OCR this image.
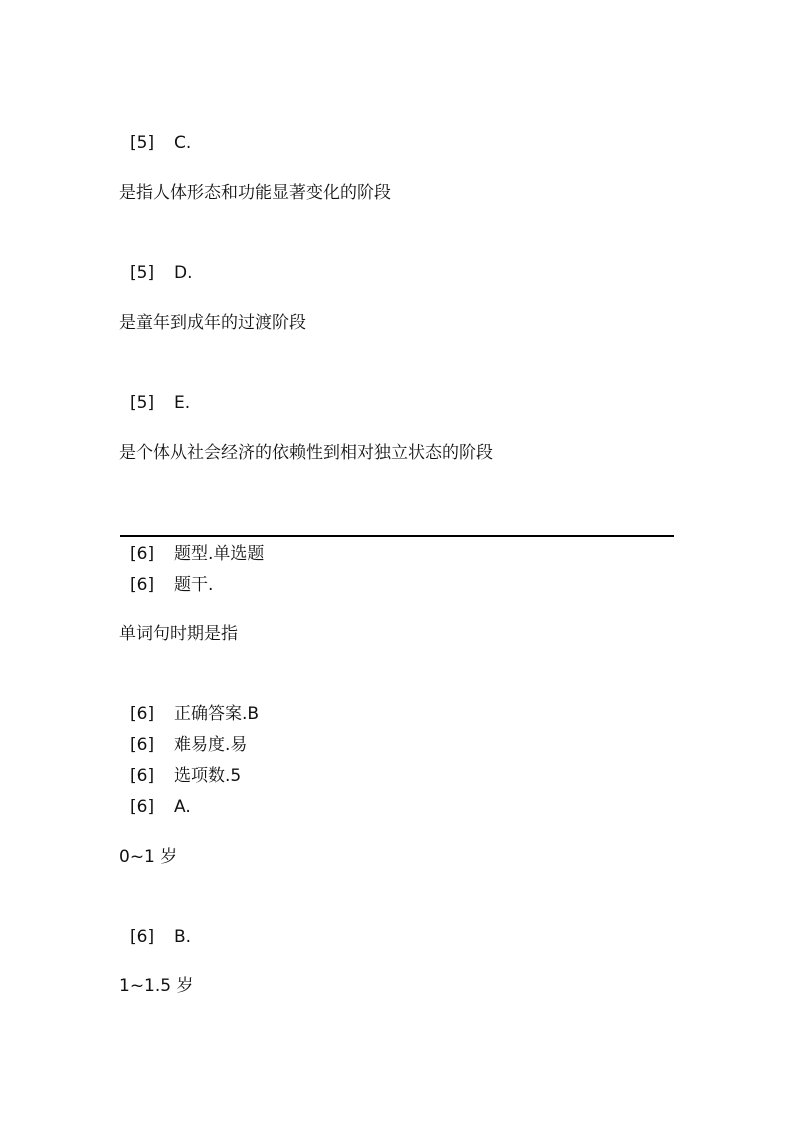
[5] C.
是指人体形态和功能显著变化的阶段
[5] D.
是童年到成年的过渡阶段
[5] E.
是个体从社会经济的依赖性到相对独立状态的阶段
[6] 题型.单选题
[6] 题干.
单词句时期是指
[6] 正确答案.B
[6] 难易度.易
[6] 选项数.5
[6] A.
0~1 岁
[6] B.
1~1.5 岁
